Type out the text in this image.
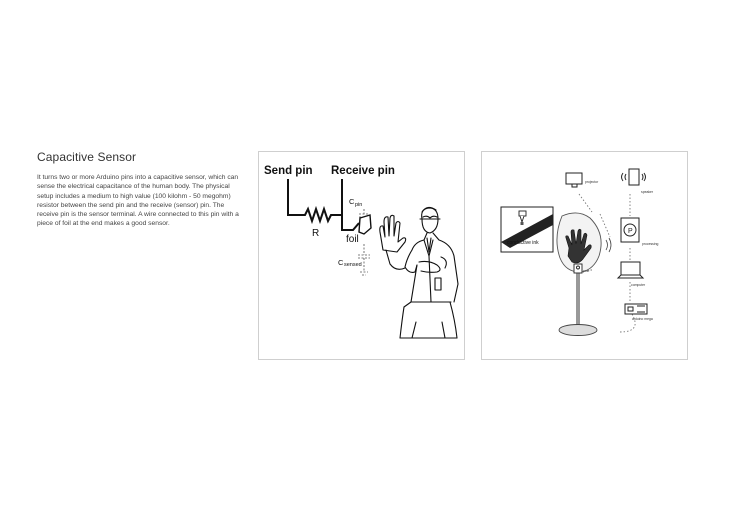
Capacitive Sensor
It turns two or more Arduino pins into a capacitive sensor, which can sense the electrical capacitance of the human body. The physical setup includes a medium to high value (100 kilohm - 50 megohm) resistor between the send pin and the receive (sensor) pin. The receive pin is the sensor terminal. A wire connected to this pin with a piece of foil at the end makes a good sensor.
Send pin Receive pin
R
C pin
foil
C sensed
projector
speaker
P
processing
computer
arduino mega
pole
conductive ink
